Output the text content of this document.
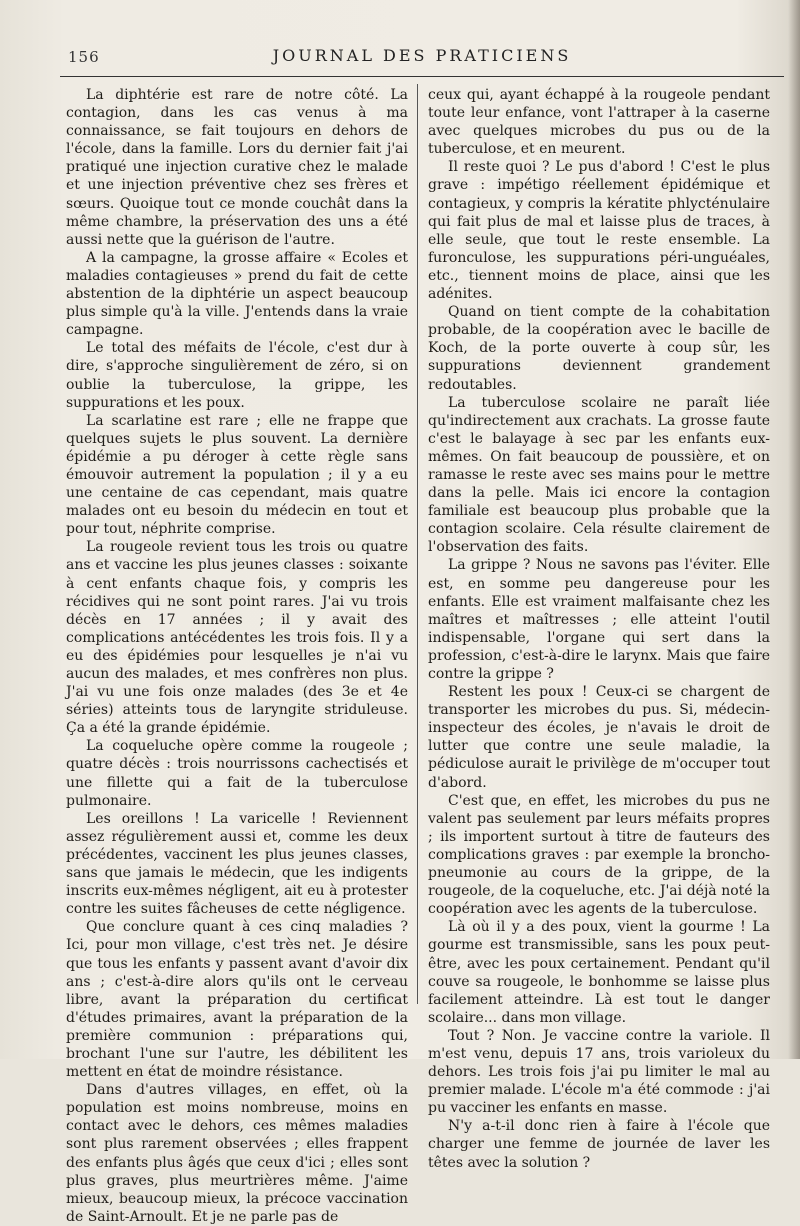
156	JOURNAL DES PRATICIENS

La diphtérie est rare de notre côté. La contagion, dans les cas venus à ma connaissance, se fait toujours en dehors de l'école, dans la famille. Lors du dernier fait j'ai pratiqué une injection curative chez le malade et une injection préventive chez ses frères et sœurs. Quoique tout ce monde couchât dans la même chambre, la préservation des uns a été aussi nette que la guérison de l'autre.

A la campagne, la grosse affaire « Ecoles et maladies contagieuses » prend du fait de cette abstention de la diphtérie un aspect beaucoup plus simple qu'à la ville. J'entends dans la vraie campagne.

Le total des méfaits de l'école, c'est dur à dire, s'approche singulièrement de zéro, si on oublie la tuberculose, la grippe, les suppurations et les poux.

La scarlatine est rare ; elle ne frappe que quelques sujets le plus souvent. La dernière épidémie a pu déroger à cette règle sans émouvoir autrement la population ; il y a eu une centaine de cas cependant, mais quatre malades ont eu besoin du médecin en tout et pour tout, néphrite comprise.

La rougeole revient tous les trois ou quatre ans et vaccine les plus jeunes classes : soixante à cent enfants chaque fois, y compris les récidives qui ne sont point rares. J'ai vu trois décès en 17 années ; il y avait des complications antécédentes les trois fois. Il y a eu des épidémies pour lesquelles je n'ai vu aucun des malades, et mes confrères non plus. J'ai vu une fois onze malades (des 3e et 4e séries) atteints tous de laryngite striduleuse. Ça a été la grande épidémie.

La coqueluche opère comme la rougeole ; quatre décès : trois nourrissons cachectisés et une fillette qui a fait de la tuberculose pulmonaire.

Les oreillons ! La varicelle ! Reviennent assez régulièrement aussi et, comme les deux précédentes, vaccinent les plus jeunes classes, sans que jamais le médecin, que les indigents inscrits eux-mêmes négligent, ait eu à protester contre les suites fâcheuses de cette négligence.

Que conclure quant à ces cinq maladies ? Ici, pour mon village, c'est très net. Je désire que tous les enfants y passent avant d'avoir dix ans ; c'est-à-dire alors qu'ils ont le cerveau libre, avant la préparation du certificat d'études primaires, avant la préparation de la première communion : préparations qui, brochant l'une sur l'autre, les débilitent les mettent en état de moindre résistance.

Dans d'autres villages, en effet, où la population est moins nombreuse, moins en contact avec le dehors, ces mêmes maladies sont plus rarement observées ; elles frappent des enfants plus âgés que ceux d'ici ; elles sont plus graves, plus meurtrières même. J'aime mieux, beaucoup mieux, la précoce vaccination de Saint-Arnoult. Et je ne parle pas de

ceux qui, ayant échappé à la rougeole pendant toute leur enfance, vont l'attraper à la caserne avec quelques microbes du pus ou de la tuberculose, et en meurent.

Il reste quoi ? Le pus d'abord ! C'est le plus grave : impétigo réellement épidémique et contagieux, y compris la kératite phlycténulaire qui fait plus de mal et laisse plus de traces, à elle seule, que tout le reste ensemble. La furonculose, les suppurations péri-unguéales, etc., tiennent moins de place, ainsi que les adénites.

Quand on tient compte de la cohabitation probable, de la coopération avec le bacille de Koch, de la porte ouverte à coup sûr, les suppurations deviennent grandement redoutables.

La tuberculose scolaire ne paraît liée qu'indirectement aux crachats. La grosse faute c'est le balayage à sec par les enfants eux-mêmes. On fait beaucoup de poussière, et on ramasse le reste avec ses mains pour le mettre dans la pelle. Mais ici encore la contagion familiale est beaucoup plus probable que la contagion scolaire. Cela résulte clairement de l'observation des faits.

La grippe ? Nous ne savons pas l'éviter. Elle est, en somme peu dangereuse pour les enfants. Elle est vraiment malfaisante chez les maîtres et maîtresses ; elle atteint l'outil indispensable, l'organe qui sert dans la profession, c'est-à-dire le larynx. Mais que faire contre la grippe ?

Restent les poux ! Ceux-ci se chargent de transporter les microbes du pus. Si, médecin-inspecteur des écoles, je n'avais le droit de lutter que contre une seule maladie, la pédiculose aurait le privilège de m'occuper tout d'abord.

C'est que, en effet, les microbes du pus ne valent pas seulement par leurs méfaits propres ; ils importent surtout à titre de fauteurs des complications graves : par exemple la broncho-pneumonie au cours de la grippe, de la rougeole, de la coqueluche, etc. J'ai déjà noté la coopération avec les agents de la tuberculose.

Là où il y a des poux, vient la gourme ! La gourme est transmissible, sans les poux peut-être, avec les poux certainement. Pendant qu'il couve sa rougeole, le bonhomme se laisse plus facilement atteindre. Là est tout le danger scolaire... dans mon village.

Tout ? Non. Je vaccine contre la variole. Il m'est venu, depuis 17 ans, trois varioleux du dehors. Les trois fois j'ai pu limiter le mal au premier malade. L'école m'a été commode : j'ai pu vacciner les enfants en masse.

N'y a-t-il donc rien à faire à l'école que charger une femme de journée de laver les têtes avec la solution ?
